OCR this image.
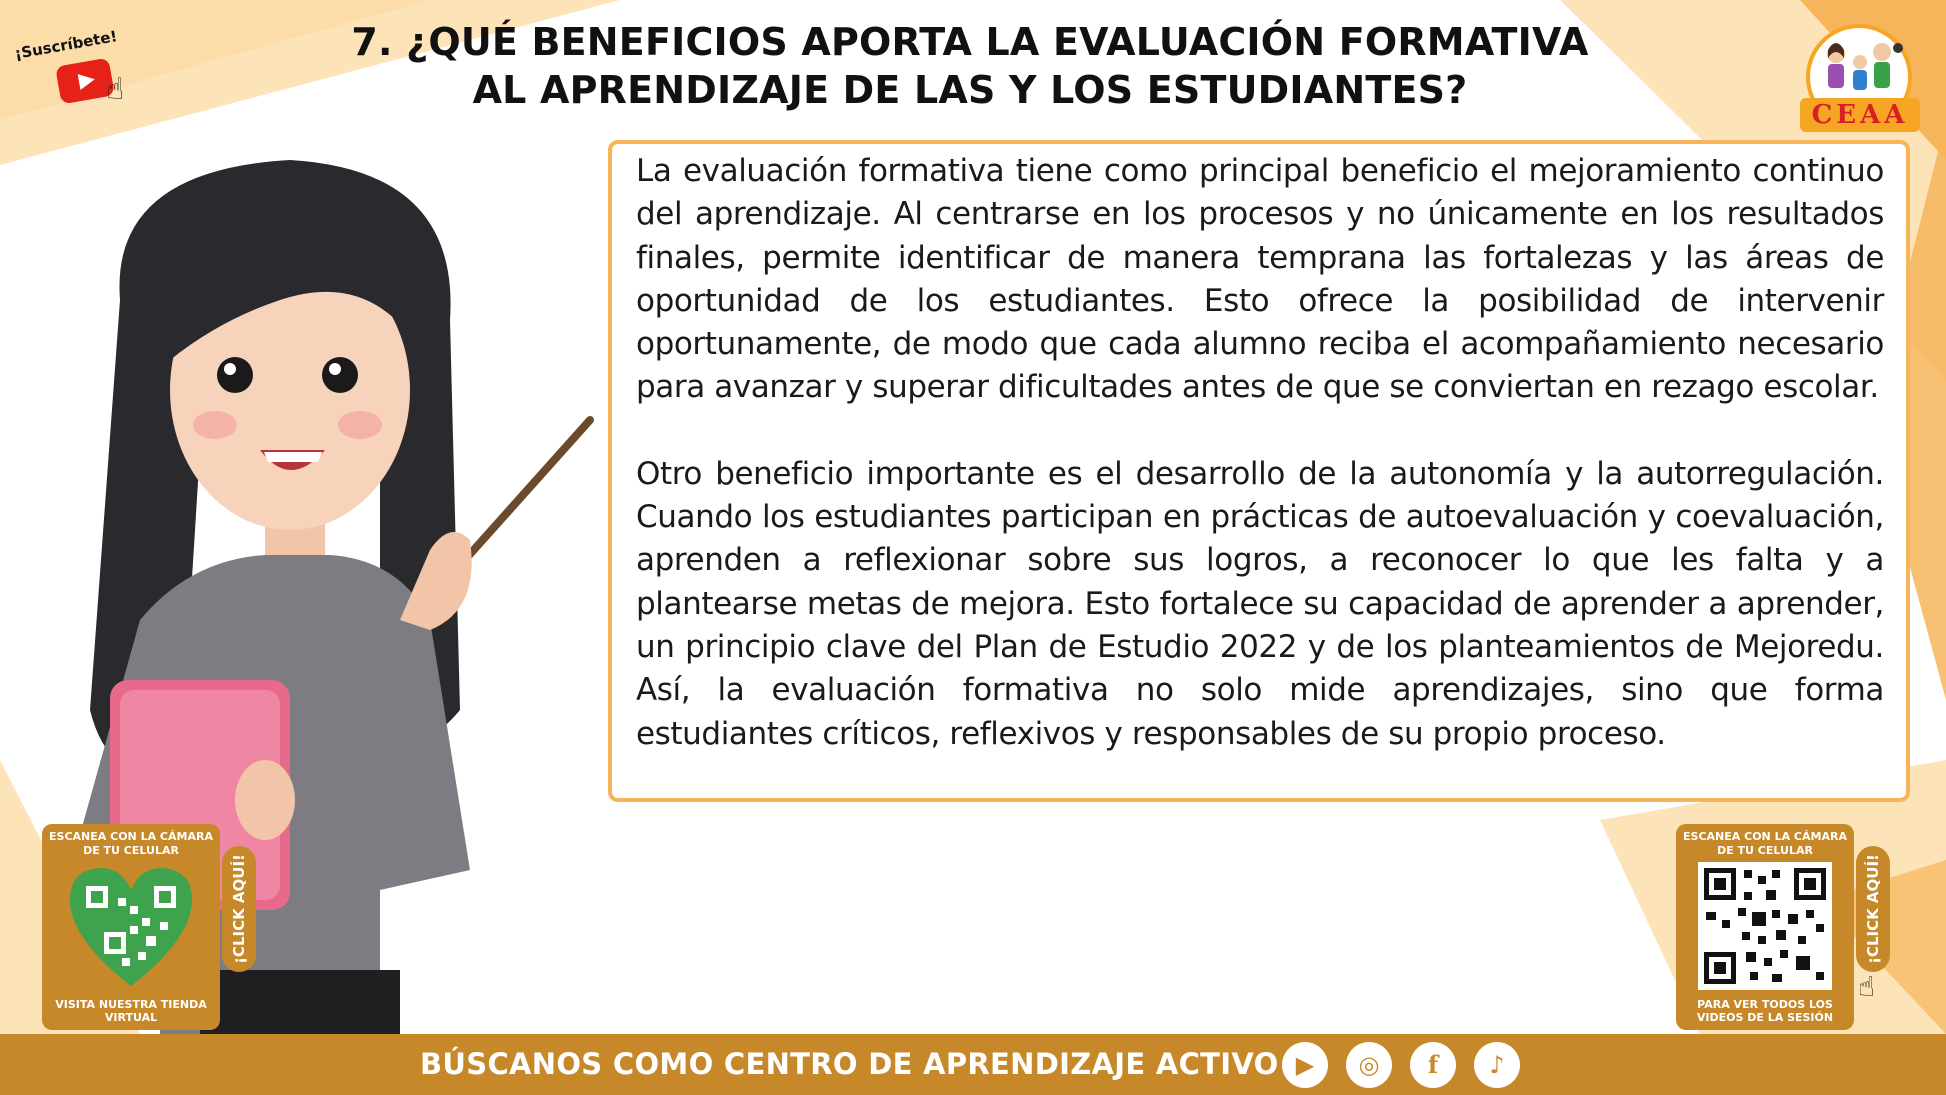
¡Suscríbete!
☝
7. ¿QUÉ BENEFICIOS APORTA LA EVALUACIÓN FORMATIVA
AL APRENDIZAJE DE LAS Y LOS ESTUDIANTES?
CEAA

La evaluación formativa tiene como principal beneficio el mejoramiento continuo del aprendizaje. Al centrarse en los procesos y no únicamente en los resultados finales, permite identificar de manera temprana las fortalezas y las áreas de oportunidad de los estudiantes. Esto ofrece la posibilidad de intervenir oportunamente, de modo que cada alumno reciba el acompañamiento necesario para avanzar y superar dificultades antes de que se conviertan en rezago escolar.

Otro beneficio importante es el desarrollo de la autonomía y la autorregulación. Cuando los estudiantes participan en prácticas de autoevaluación y coevaluación, aprenden a reflexionar sobre sus logros, a reconocer lo que les falta y a plantearse metas de mejora. Esto fortalece su capacidad de aprender a aprender, un principio clave del Plan de Estudio 2022 y de los planteamientos de Mejoredu. Así, la evaluación formativa no solo mide aprendizajes, sino que forma estudiantes críticos, reflexivos y responsables de su propio proceso.

ESCANEA CON LA CÁMARA DE TU CELULAR
VISITA NUESTRA TIENDA VIRTUAL
¡CLICK AQUÍ!
☝
ESCANEA CON LA CÁMARA DE TU CELULAR
PARA VER TODOS LOS VIDEOS DE LA SESIÓN
¡CLICK AQUÍ!
☝
BÚSCANOS COMO CENTRO DE APRENDIZAJE ACTIVO ▶	◎	f	♪
